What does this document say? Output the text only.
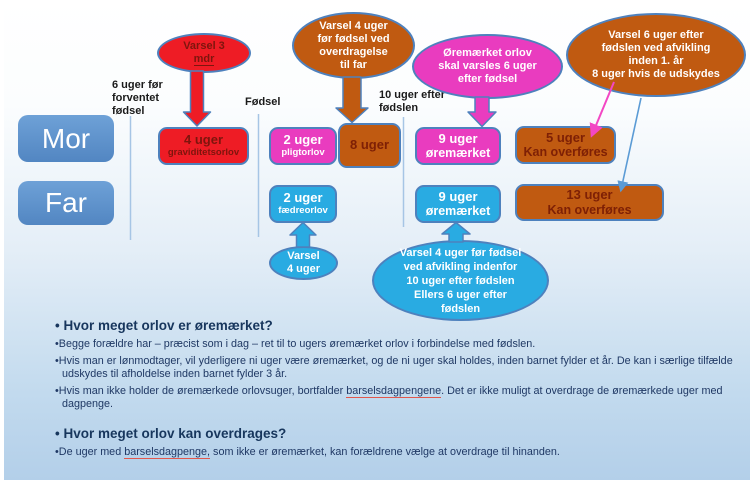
Mor
Far
6 uger før
forventet
fødsel
Fødsel
10 uger efter
fødslen
Varsel 3
mdr
Varsel 4 uger
før fødsel ved
overdragelse
til far
Øremærket orlov
skal varsles 6 uger
efter fødsel
Varsel 6 uger efter
fødslen ved afvikling
inden 1. år
8 uger hvis de udskydes
Varsel
4 uger
Varsel 4 uger før fødsel
ved afvikling indenfor
10 uger efter fødslen
Ellers 6 uger efter
fødslen
4 uger
graviditetsorlov
2 uger
pligtorlov
8 uger	9 uger
øremærket
5 uger
Kan overføres
2 uger
fædreorlov
9 uger
øremærket
13 uger
Kan overføres
• Hvor meget orlov er øremærket?
•Begge forældre har – præcist som i dag – ret til to ugers øremærket orlov i forbindelse med fødslen.
•Hvis man er lønmodtager, vil yderligere ni uger være øremærket, og de ni uger skal holdes, inden barnet fylder et år. De kan i særlige tilfælde udskydes til afholdelse inden barnet fylder 3 år.
•Hvis man ikke holder de øremærkede orlovsuger, bortfalder barselsdagpengene. Det er ikke muligt at overdrage de øremærkede uger med dagpenge.
• Hvor meget orlov kan overdrages?
•De uger med barselsdagpenge, som ikke er øremærket, kan forældrene vælge at overdrage til hinanden.
